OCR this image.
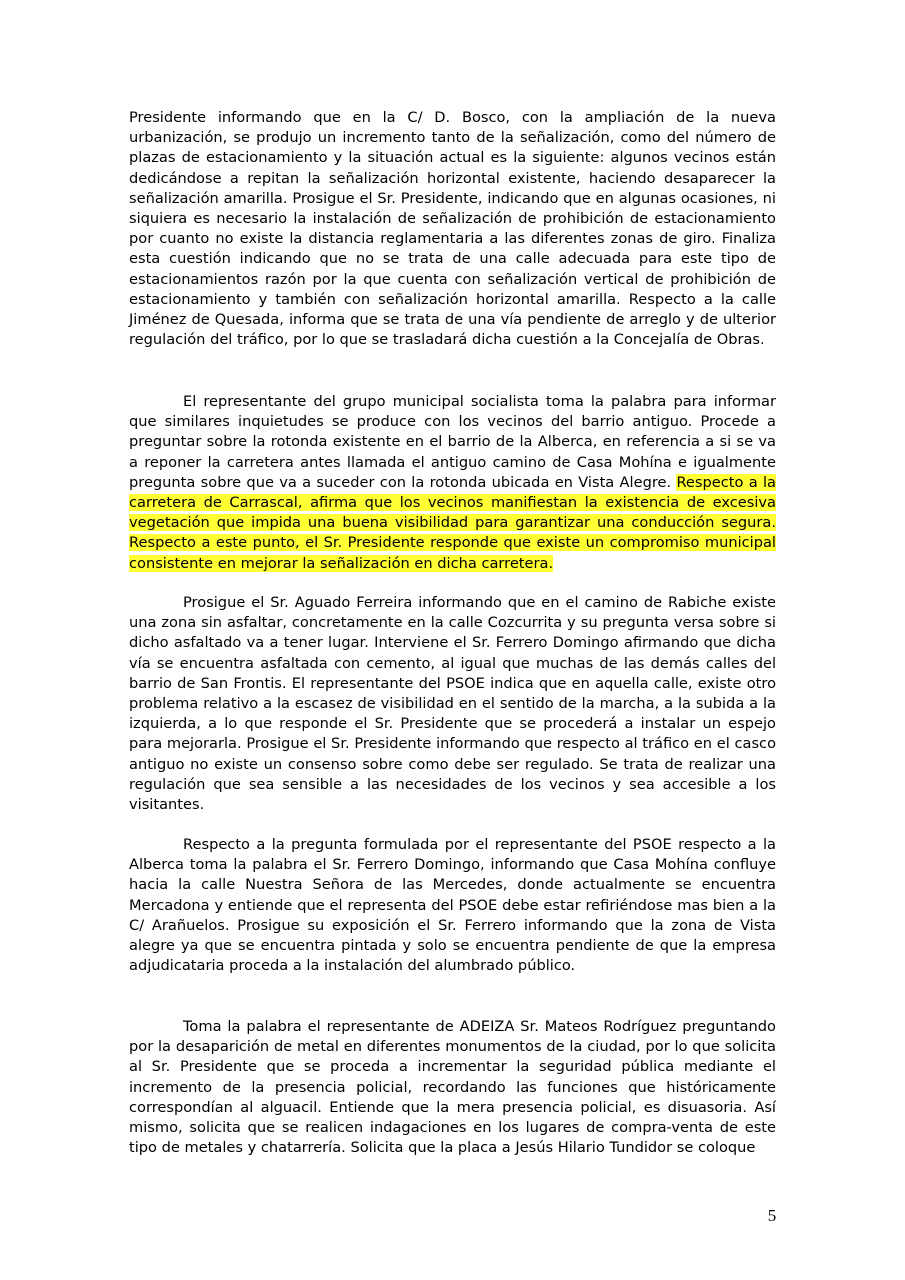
Presidente informando que en la C/ D. Bosco, con la ampliación de la nueva urbanización, se produjo un incremento tanto de la señalización, como del número de plazas de estacionamiento y la situación actual es la siguiente: algunos vecinos están dedicándose a repitan la señalización horizontal existente, haciendo desaparecer la señalización amarilla. Prosigue el Sr. Presidente, indicando que en algunas ocasiones, ni siquiera es necesario la instalación de señalización de prohibición de estacionamiento por cuanto no existe la distancia reglamentaria a las diferentes zonas de giro. Finaliza esta cuestión indicando que no se trata de una calle adecuada para este tipo de estacionamientos razón por la que cuenta con señalización vertical de prohibición de estacionamiento y también con señalización horizontal amarilla. Respecto a la calle Jiménez de Quesada, informa que se trata de una vía pendiente de arreglo y de ulterior regulación del tráfico, por lo que se trasladará dicha cuestión a la Concejalía de Obras.

El representante del grupo municipal socialista toma la palabra para informar que similares inquietudes se produce con los vecinos del barrio antiguo. Procede a preguntar sobre la rotonda existente en el barrio de la Alberca, en referencia a si se va a reponer la carretera antes llamada el antiguo camino de Casa Mohína e igualmente pregunta sobre que va a suceder con la rotonda ubicada en Vista Alegre. Respecto a la carretera de Carrascal, afirma que los vecinos manifiestan la existencia de excesiva vegetación que impida una buena visibilidad para garantizar una conducción segura. Respecto a este punto, el Sr. Presidente responde que existe un compromiso municipal consistente en mejorar la señalización en dicha carretera.

Prosigue el Sr. Aguado Ferreira informando que en el camino de Rabiche existe una zona sin asfaltar, concretamente en la calle Cozcurrita y su pregunta versa sobre si dicho asfaltado va a tener lugar. Interviene el Sr. Ferrero Domingo afirmando que dicha vía se encuentra asfaltada con cemento, al igual que muchas de las demás calles del barrio de San Frontis. El representante del PSOE indica que en aquella calle, existe otro problema relativo a la escasez de visibilidad en el sentido de la marcha, a la subida a la izquierda, a lo que responde el Sr. Presidente que se procederá a instalar un espejo para mejorarla. Prosigue el Sr. Presidente informando que respecto al tráfico en el casco antiguo no existe un consenso sobre como debe ser regulado. Se trata de realizar una regulación que sea sensible a las necesidades de los vecinos y sea accesible a los visitantes.

Respecto a la pregunta formulada por el representante del PSOE respecto a la Alberca toma la palabra el Sr. Ferrero Domingo, informando que Casa Mohína confluye hacia la calle Nuestra Señora de las Mercedes, donde actualmente se encuentra Mercadona y entiende que el representa del PSOE debe estar refiriéndose mas bien a la C/ Arañuelos. Prosigue su exposición el Sr. Ferrero informando que la zona de Vista alegre ya que se encuentra pintada y solo se encuentra pendiente de que la empresa adjudicataria proceda a la instalación del alumbrado público.

Toma la palabra el representante de ADEIZA Sr. Mateos Rodríguez preguntando por la desaparición de metal en diferentes monumentos de la ciudad, por lo que solicita al Sr. Presidente que se proceda a incrementar la seguridad pública mediante el incremento de la presencia policial, recordando las funciones que históricamente correspondían al alguacil. Entiende que la mera presencia policial, es disuasoria. Así mismo, solicita que se realicen indagaciones en los lugares de compra-venta de este tipo de metales y chatarrería. Solicita que la placa a Jesús Hilario Tundidor se coloque

5
